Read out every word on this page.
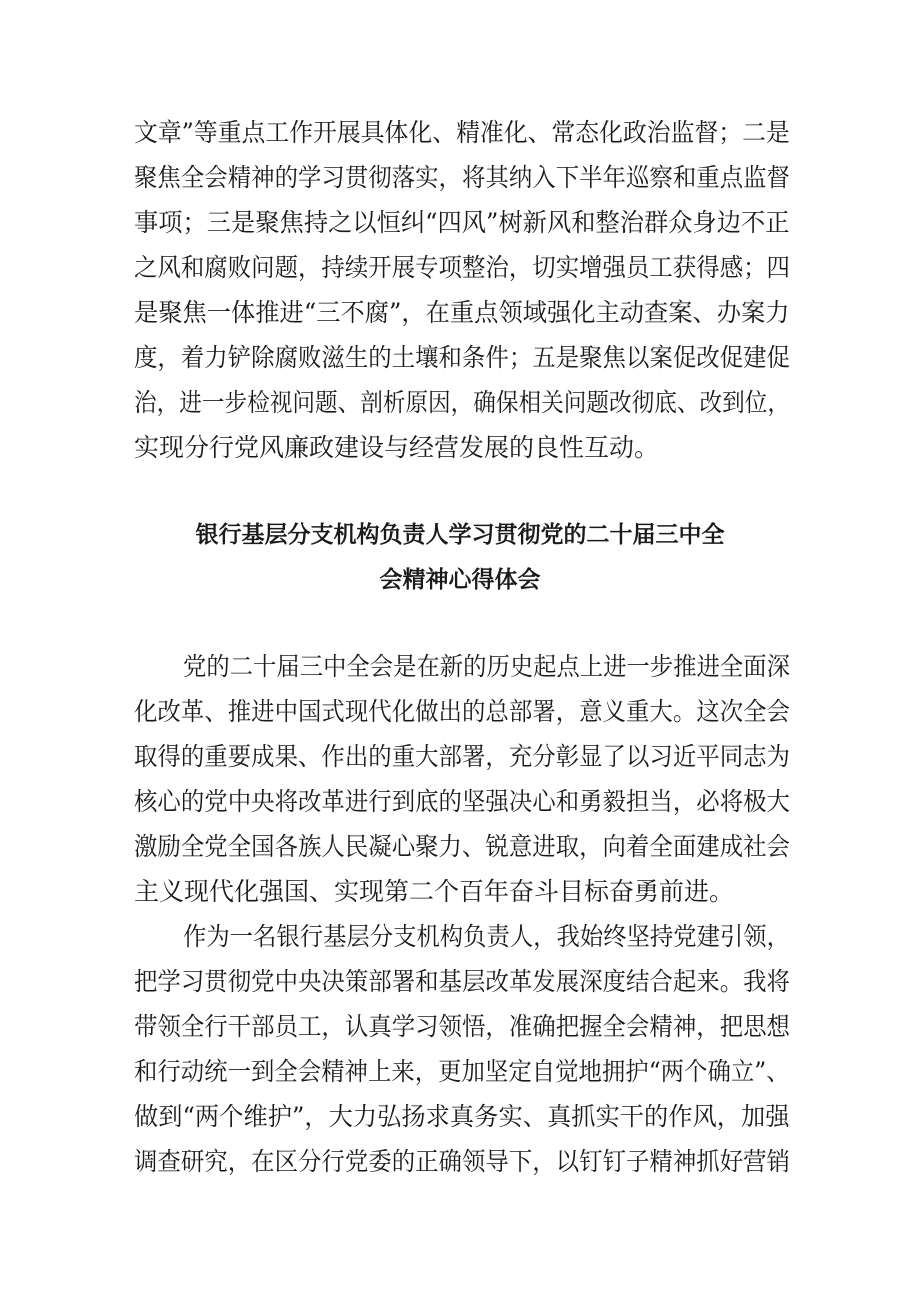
文章”等重点工作开展具体化、精准化、常态化政治监督；二是
聚焦全会精神的学习贯彻落实，将其纳入下半年巡察和重点监督
事项；三是聚焦持之以恒纠“四风”树新风和整治群众身边不正
之风和腐败问题，持续开展专项整治，切实增强员工获得感；四
是聚焦一体推进“三不腐”，在重点领域强化主动查案、办案力
度，着力铲除腐败滋生的土壤和条件；五是聚焦以案促改促建促
治，进一步检视问题、剖析原因，确保相关问题改彻底、改到位，
实现分行党风廉政建设与经营发展的良性互动。
银行基层分支机构负责人学习贯彻党的二十届三中全
会精神心得体会
党的二十届三中全会是在新的历史起点上进一步推进全面深
化改革、推进中国式现代化做出的总部署，意义重大。这次全会
取得的重要成果、作出的重大部署，充分彰显了以习近平同志为
核心的党中央将改革进行到底的坚强决心和勇毅担当，必将极大
激励全党全国各族人民凝心聚力、锐意进取，向着全面建成社会
主义现代化强国、实现第二个百年奋斗目标奋勇前进。
作为一名银行基层分支机构负责人，我始终坚持党建引领，
把学习贯彻党中央决策部署和基层改革发展深度结合起来。我将
带领全行干部员工，认真学习领悟，准确把握全会精神，把思想
和行动统一到全会精神上来，更加坚定自觉地拥护“两个确立”、
做到“两个维护”，大力弘扬求真务实、真抓实干的作风，加强
调查研究，在区分行党委的正确领导下，以钉钉子精神抓好营销
